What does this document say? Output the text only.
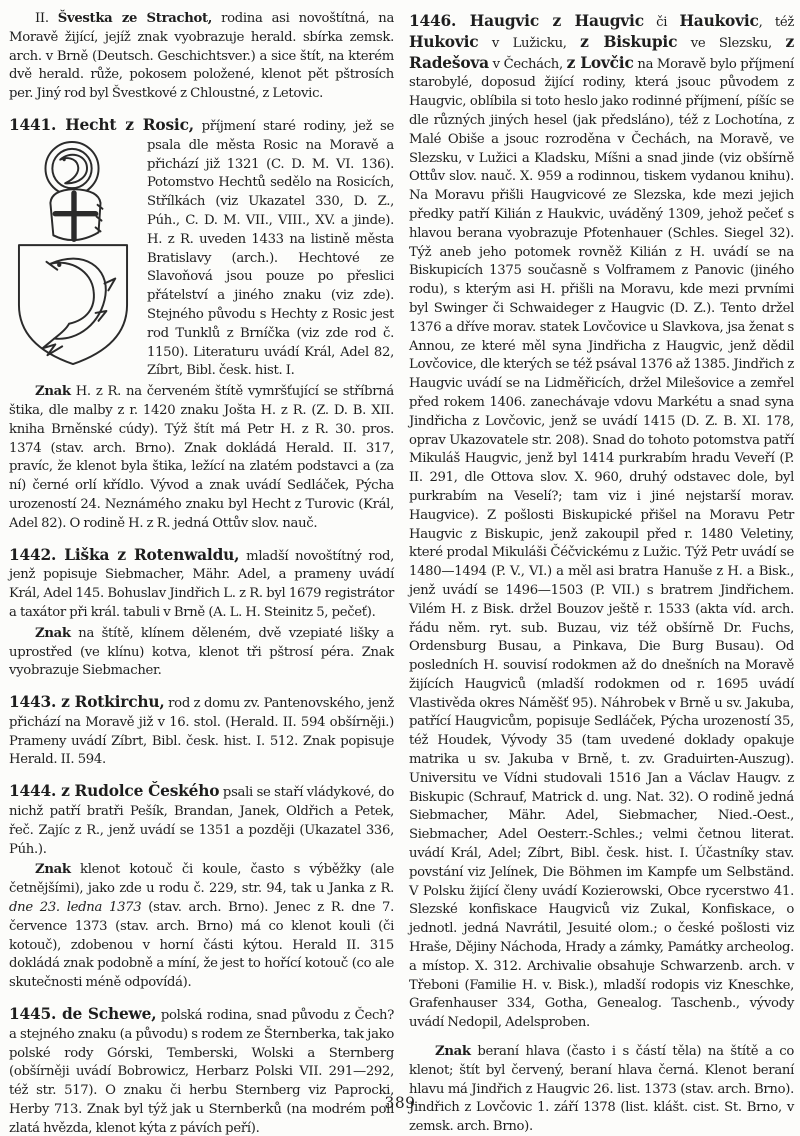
II. Švestka ze Strachot, rodina asi novoštítná, na Moravě žijící, jejíž znak vyobrazuje herald. sbírka zemsk. arch. v Brně (Deutsch. Geschichtsver.) a sice štít, na kterém dvě herald. růže, pokosem položené, klenot pět pštrosích per. Jiný rod byl Švestkové z Chloustné, z Letovic.

1441. Hecht z Rosic, příjmení staré rodiny, jež
se psala dle města Rosic na Moravě a přichází již 1321 (C. D. M. VI. 136). Potomstvo Hechtů sedělo na Rosicích, Střílkách (viz Ukazatel 330, D. Z., Púh., C. D. M. VII., VIII., XV. a jinde). H. z R. uveden 1433 na listině města Bratislavy (arch.). Hechtové ze Slavoňová jsou pouze po přeslici přátelství a jiného znaku (viz zde). Stejného původu s Hechty z Rosic jest rod Tunklů z Brníčka (viz zde rod č. 1150). Literaturu uvádí Král, Adel 82, Zíbrt, Bibl. česk. hist. I.

Znak H. z R. na červeném štítě vymršťující se stříbrná štika, dle malby z r. 1420 znaku Jošta H. z R. (Z. D. B. XII. kniha Brněnské cúdy). Týž štít má Petr H. z R. 30. pros. 1374 (stav. arch. Brno). Znak dokládá Herald. II. 317, pravíc, že klenot byla štika, ležící na zlatém podstavci a (za ní) černé orlí křídlo. Vývod a znak uvádí Sedláček, Pýcha urozeností 24. Neznámého znaku byl Hecht z Turovic (Král, Adel 82). O rodině H. z R. jedná Ottův slov. nauč.

1442. Liška z Rotenwaldu, mladší novoštítný rod, jenž popisuje Siebmacher, Mähr. Adel, a prameny uvádí Král, Adel 145. Bohuslav Jindřich L. z R. byl 1679 registrátor a taxátor při král. tabuli v Brně (A. L. H. Steinitz 5, pečeť).

Znak na štítě, klínem děleném, dvě vzepiaté lišky a uprostřed (ve klínu) kotva, klenot tři pštrosí péra. Znak vyobrazuje Siebmacher.

1443. z Rotkirchu, rod z domu zv. Pantenovského, jenž přichází na Moravě již v 16. stol. (Herald. II. 594 obšírněji.) Prameny uvádí Zíbrt, Bibl. česk. hist. I. 512. Znak popisuje Herald. II. 594.

1444. z Rudolce Českého psali se staří vládykové, do nichž patří bratři Pešík, Brandan, Janek, Oldřich a Petek, řeč. Zajíc z R., jenž uvádí se 1351 a později (Ukazatel 336, Púh.).

Znak klenot kotouč či koule, často s výběžky (ale četnějšími), jako zde u rodu č. 229, str. 94, tak u Janka z R. dne 23. ledna 1373 (stav. arch. Brno). Jenec z R. dne 7. července 1373 (stav. arch. Brno) má co klenot kouli (či kotouč), zdobenou v horní části kýtou. Herald II. 315 dokládá znak podobně a míní, že jest to hořící kotouč (co ale skutečnosti méně odpovídá).

1445. de Schewe, polská rodina, snad původu z Čech? a stejného znaku (a původu) s rodem ze Šternberka, tak jako polské rody Górski, Temberski, Wolski a Sternberg (obšírněji uvádí Bobrowicz, Herbarz Polski VII. 291—292, též str. 517). O znaku či herbu Sternberg viz Paprocki, Herby 713. Znak byl týž jak u Sternberků (na modrém poli zlatá hvězda, klenot kýta z pávích peří).

1446. Haugvic z Haugvic či Haukovic, též Hukovic v Lužicku, z Biskupic ve Slezsku, z Radešova v Čechách, z Lovčic na Moravě bylo příjmení starobylé, doposud žijící rodiny, která jsouc původem z Haugvic, oblíbila si toto heslo jako rodinné příjmení, píšíc se dle různých jiných hesel (jak předsláno), též z Lochotína, z Malé Obiše a jsouc rozroděna v Čechách, na Moravě, ve Slezsku, v Lužici a Kladsku, Míšni a snad jinde (viz obšírně Ottův slov. nauč. X. 959 a rodinnou, tiskem vydanou knihu). Na Moravu přišli Haugvicové ze Slezska, kde mezi jejich předky patří Kilián z Haukvic, uváděný 1309, jehož pečeť s hlavou berana vyobrazuje Pfotenhauer (Schles. Siegel 32). Týž aneb jeho potomek rovněž Kilián z H. uvádí se na Biskupicích 1375 současně s Volframem z Panovic (jiného rodu), s kterým asi H. přišli na Moravu, kde mezi prvními byl Swinger či Schwaideger z Haugvic (D. Z.). Tento držel 1376 a dříve morav. statek Lovčovice u Slavkova, jsa ženat s Annou, ze které měl syna Jindřicha z Haugvic, jenž dědil Lovčovice, dle kterých se též psával 1376 až 1385. Jindřich z Haugvic uvádí se na Lidměřicích, držel Milešovice a zemřel před rokem 1406. zanechávaje vdovu Markétu a snad syna Jindřicha z Lovčovic, jenž se uvádí 1415 (D. Z. B. XI. 178, oprav Ukazovatele str. 208). Snad do tohoto potomstva patří Mikuláš Haugvic, jenž byl 1414 purkrabím hradu Veveří (P. II. 291, dle Ottova slov. X. 960, druhý odstavec dole, byl purkrabím na Veselí?; tam viz i jiné nejstarší morav. Haugvice). Z pošlosti Biskupické přišel na Moravu Petr Haugvic z Biskupic, jenž zakoupil před r. 1480 Veletiny, které prodal Mikuláši Čéčvickému z Lužic. Týž Petr uvádí se 1480—1494 (P. V., VI.) a měl asi bratra Hanuše z H. a Bisk., jenž uvádí se 1496—1503 (P. VII.) s bratrem Jindřichem. Vilém H. z Bisk. držel Bouzov ještě r. 1533 (akta víd. arch. řádu něm. ryt. sub. Buzau, viz též obšírně Dr. Fuchs, Ordensburg Busau, a Pinkava, Die Burg Busau). Od posledních H. souvisí rodokmen až do dnešních na Moravě žijících Haugviců (mladší rodokmen od r. 1695 uvádí Vlastivěda okres Náměšť 95). Náhrobek v Brně u sv. Jakuba, patřící Haugvicům, popisuje Sedláček, Pýcha urozeností 35, též Houdek, Vývody 35 (tam uvedené doklady opakuje matrika u sv. Jakuba v Brně, t. zv. Graduirten-Auszug). Universitu ve Vídni studovali 1516 Jan a Václav Haugv. z Biskupic (Schrauf, Matrick d. ung. Nat. 32). O rodině jedná Siebmacher, Mähr. Adel, Siebmacher, Nied.-Oest., Siebmacher, Adel Oesterr.-Schles.; velmi četnou literat. uvádí Král, Adel; Zíbrt, Bibl. česk. hist. I. Účastníky stav. povstání viz Jelínek, Die Böhmen im Kampfe um Selbständ. V Polsku žijící členy uvádí Kozierowski, Obce rycerstwo 41. Slezské konfiskace Haugviců viz Zukal, Konfiskace, o jednotl. jedná Navrátil, Jesuité olom.; o české pošlosti viz Hraše, Dějiny Náchoda, Hrady a zámky, Památky archeolog. a místop. X. 312. Archivalie obsahuje Schwarzenb. arch. v Třeboni (Familie H. v. Bisk.), mladší rodopis viz Kneschke, Grafenhauser 334, Gotha, Genealog. Taschenb., vývody uvádí Nedopil, Adelsproben.

Znak beraní hlava (často i s částí těla) na štítě a co klenot; štít byl červený, beraní hlava černá. Klenot beraní hlavu má Jindřich z Haugvic 26. list. 1373 (stav. arch. Brno). Jindřich z Lovčovic 1. září 1378 (list. klášt. cist. St. Brno, v zemsk. arch. Brno).

389
